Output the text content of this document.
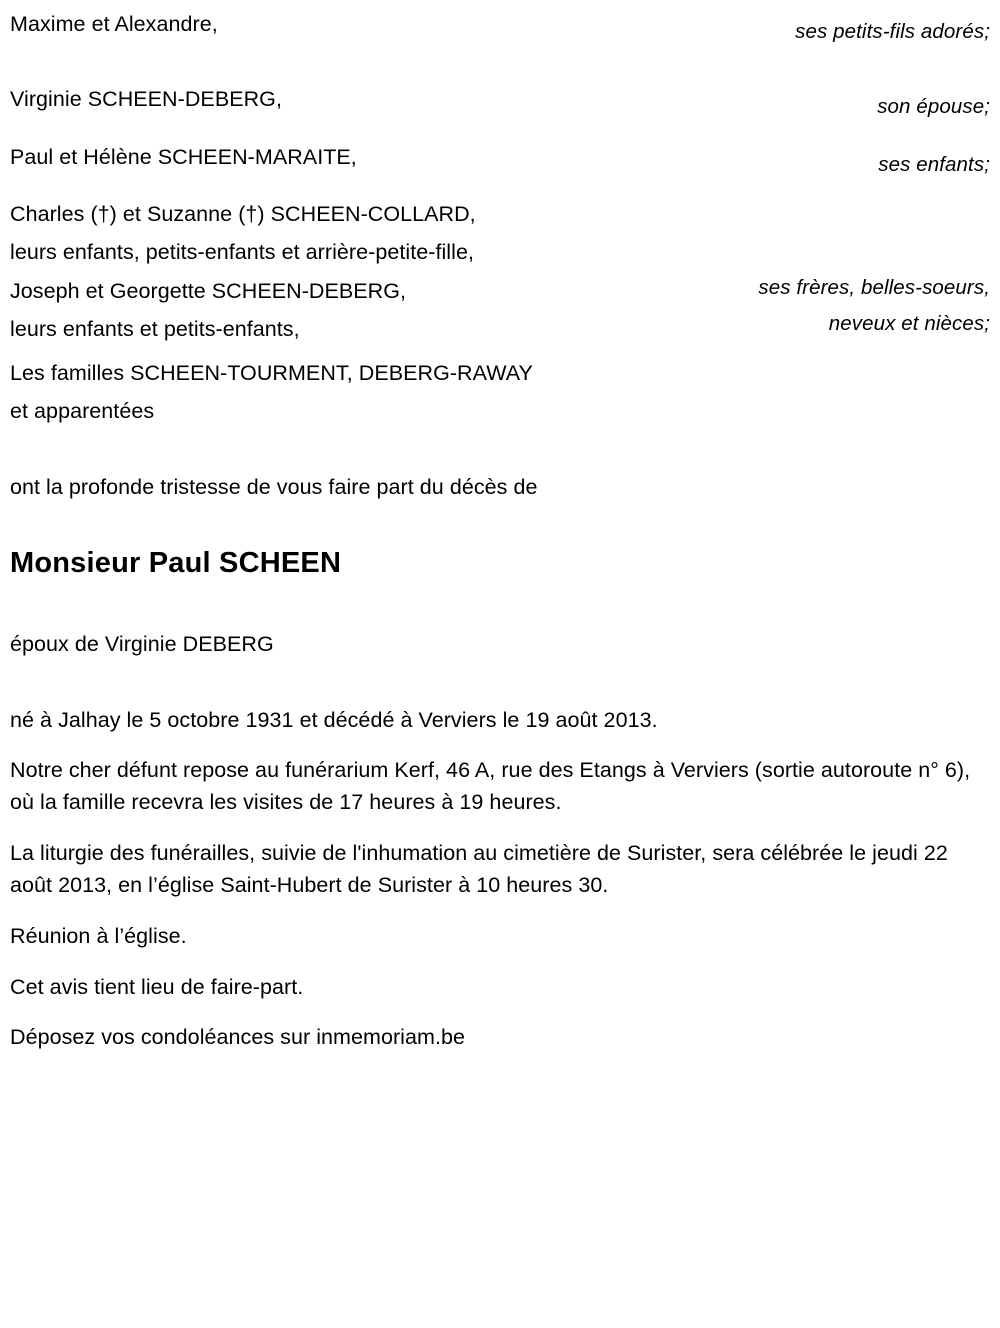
Maxime et Alexandre,	ses petits-fils adorés;
Virginie SCHEEN-DEBERG,	son épouse;
Paul et Hélène SCHEEN-MARAITE,	ses enfants;
Charles (†) et Suzanne (†) SCHEEN-COLLARD,
leurs enfants, petits-enfants et arrière-petite-fille,
Joseph et Georgette SCHEEN-DEBERG,
leurs enfants et petits-enfants,
ses frères, belles-soeurs, neveux et nièces;
Les familles SCHEEN-TOURMENT, DEBERG-RAWAY
et apparentées
ont la profonde tristesse de vous faire part du décès de
Monsieur Paul SCHEEN
époux de Virginie DEBERG

né à Jalhay le 5 octobre 1931 et décédé à Verviers le 19 août 2013.

Notre cher défunt repose au funérarium Kerf, 46 A, rue des Etangs à Verviers (sortie autoroute n° 6), où la famille recevra les visites de 17 heures à 19 heures.

La liturgie des funérailles, suivie de l'inhumation au cimetière de Surister, sera célébrée le jeudi 22 août 2013, en l’église Saint-Hubert de Surister à 10 heures 30.

Réunion à l’église.

Cet avis tient lieu de faire-part.

Déposez vos condoléances sur inmemoriam.be
